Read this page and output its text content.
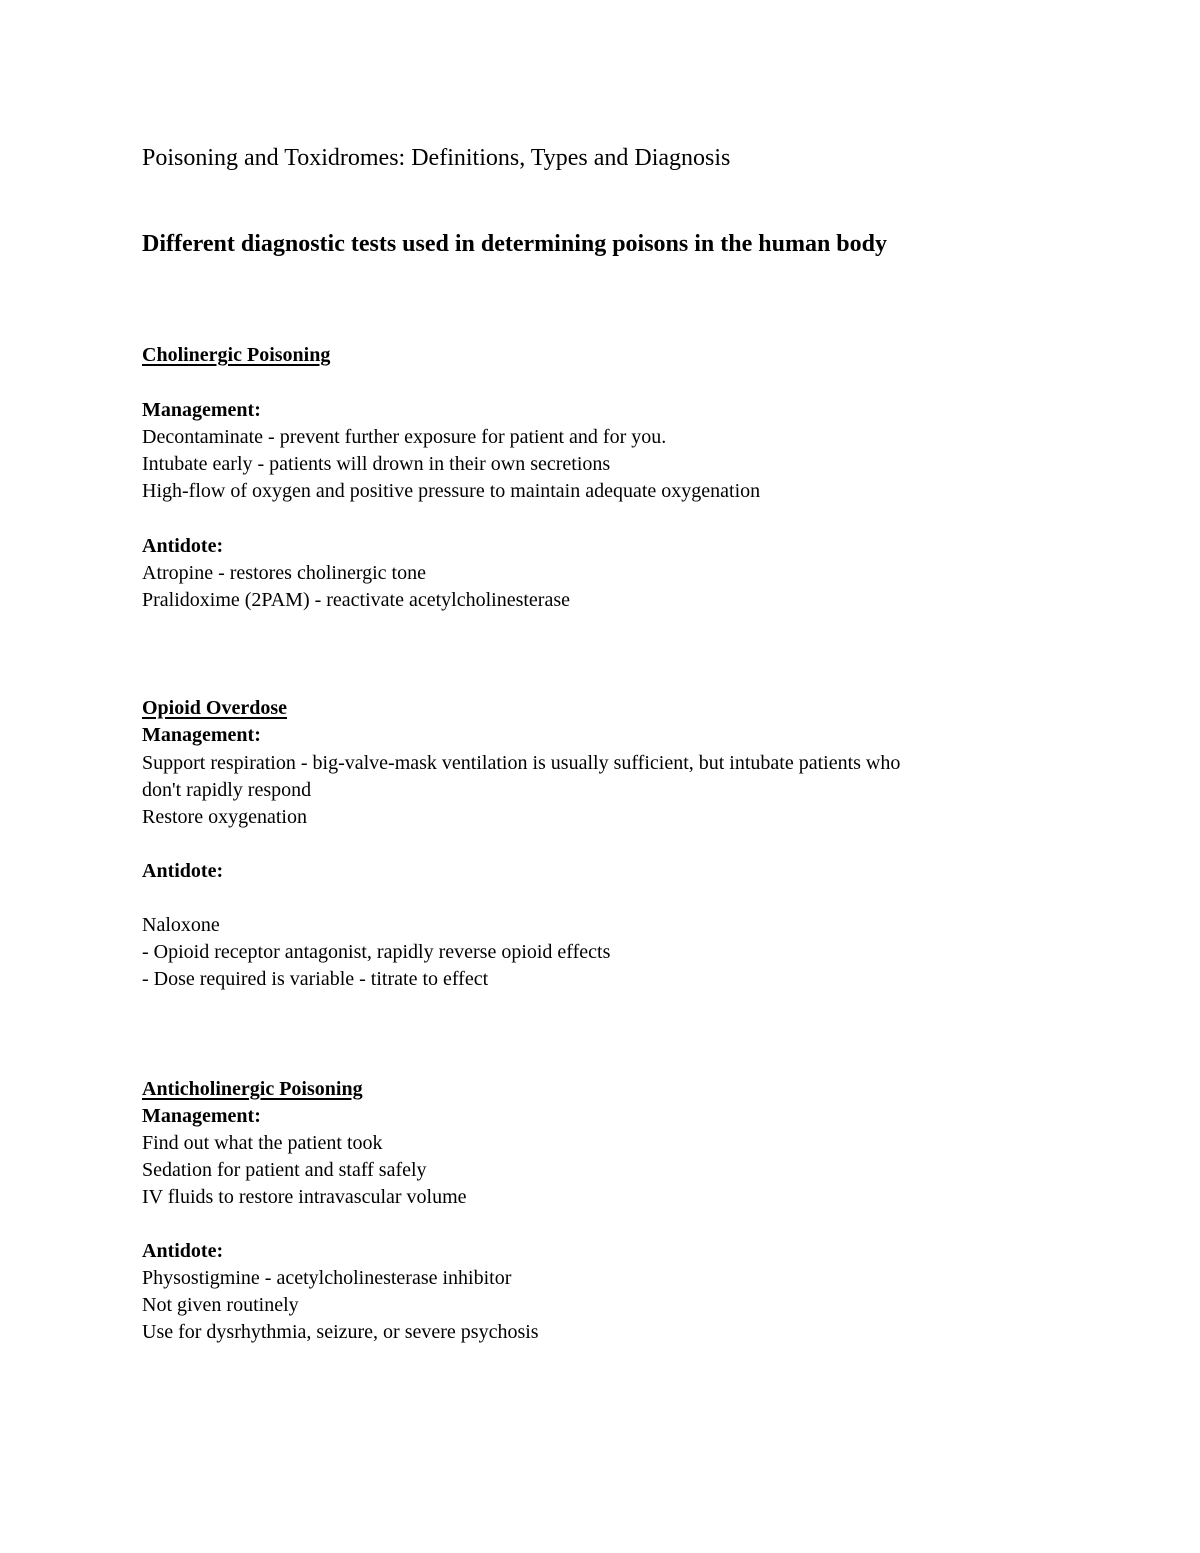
Poisoning and Toxidromes: Definitions, Types and Diagnosis
Different diagnostic tests used in determining poisons in the human body
Cholinergic Poisoning
Management:
Decontaminate - prevent further exposure for patient and for you.
Intubate early - patients will drown in their own secretions
High-flow of oxygen and positive pressure to maintain adequate oxygenation
Antidote:
Atropine - restores cholinergic tone
Pralidoxime (2PAM) - reactivate acetylcholinesterase
Opioid Overdose
Management:
Support respiration - big-valve-mask ventilation is usually sufficient, but intubate patients who
don't rapidly respond
Restore oxygenation
Antidote:
Naloxone
- Opioid receptor antagonist, rapidly reverse opioid effects
- Dose required is variable - titrate to effect
Anticholinergic Poisoning
Management:
Find out what the patient took
Sedation for patient and staff safely
IV fluids to restore intravascular volume
Antidote:
Physostigmine - acetylcholinesterase inhibitor
Not given routinely
Use for dysrhythmia, seizure, or severe psychosis
